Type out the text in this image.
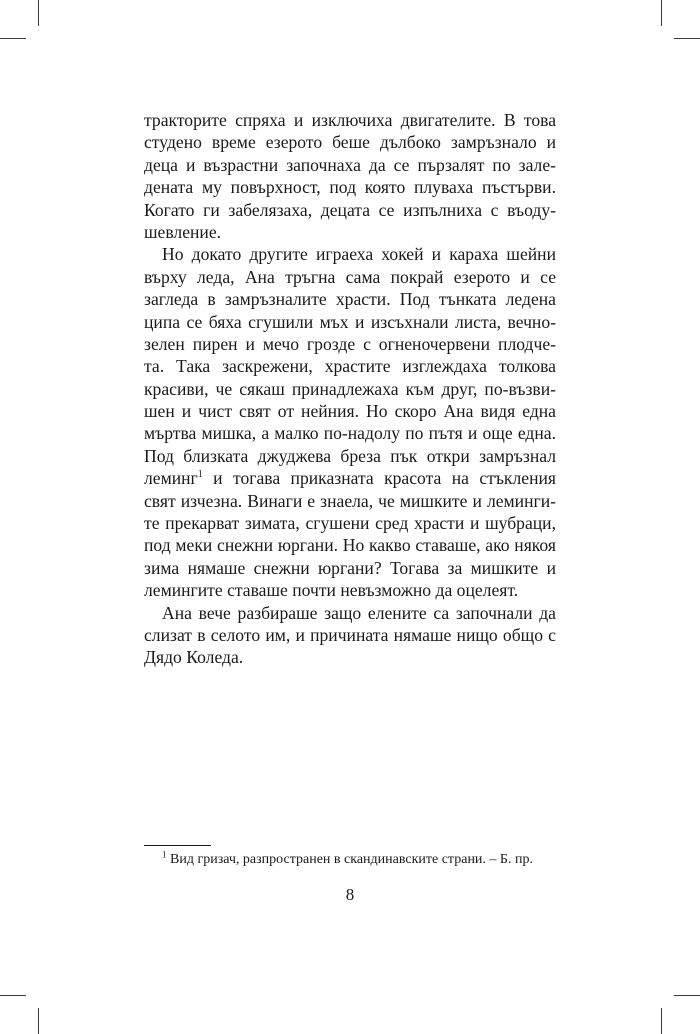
тракторите спряха и изключиха двигателите. В това
студено време езерото беше дълбоко замръзнало и
деца и възрастни започнаха да се пързалят по зале-
дената му повърхност, под която плуваха пъстърви.
Когато ги забелязаха, децата се изпълниха с въоду-
шевление.
Но докато другите играеха хокей и караха шейни
върху леда, Ана тръгна сама покрай езерото и се
загледа в замръзналите храсти. Под тънката ледена
ципа се бяха сгушили мъх и изсъхнали листа, вечно-
зелен пирен и мечо грозде с огненочервени плодче-
та. Така заскрежени, храстите изглеждаха толкова
красиви, че сякаш принадлежаха към друг, по-възви-
шен и чист свят от нейния. Но скоро Ана видя една
мъртва мишка, а малко по-надолу по пътя и още една.
Под близката джуджева бреза пък откри замръзнал
леминг$^1$ и тогава приказната красота на стъкления
свят изчезна. Винаги е знаела, че мишките и леминги-
те прекарват зимата, сгушени сред храсти и шубраци,
под меки снежни юргани. Но какво ставаше, ако някоя
зима нямаше снежни юргани? Тогава за мишките и
лемингите ставаше почти невъзможно да оцелеят.
Ана вече разбираше защо елените са започнали да
слизат в селото им, и причината нямаше нищо общо с
Дядо Коледа.
$^1$ Вид гризач, разпространен в скандинавските страни. – Б. пр.
8
